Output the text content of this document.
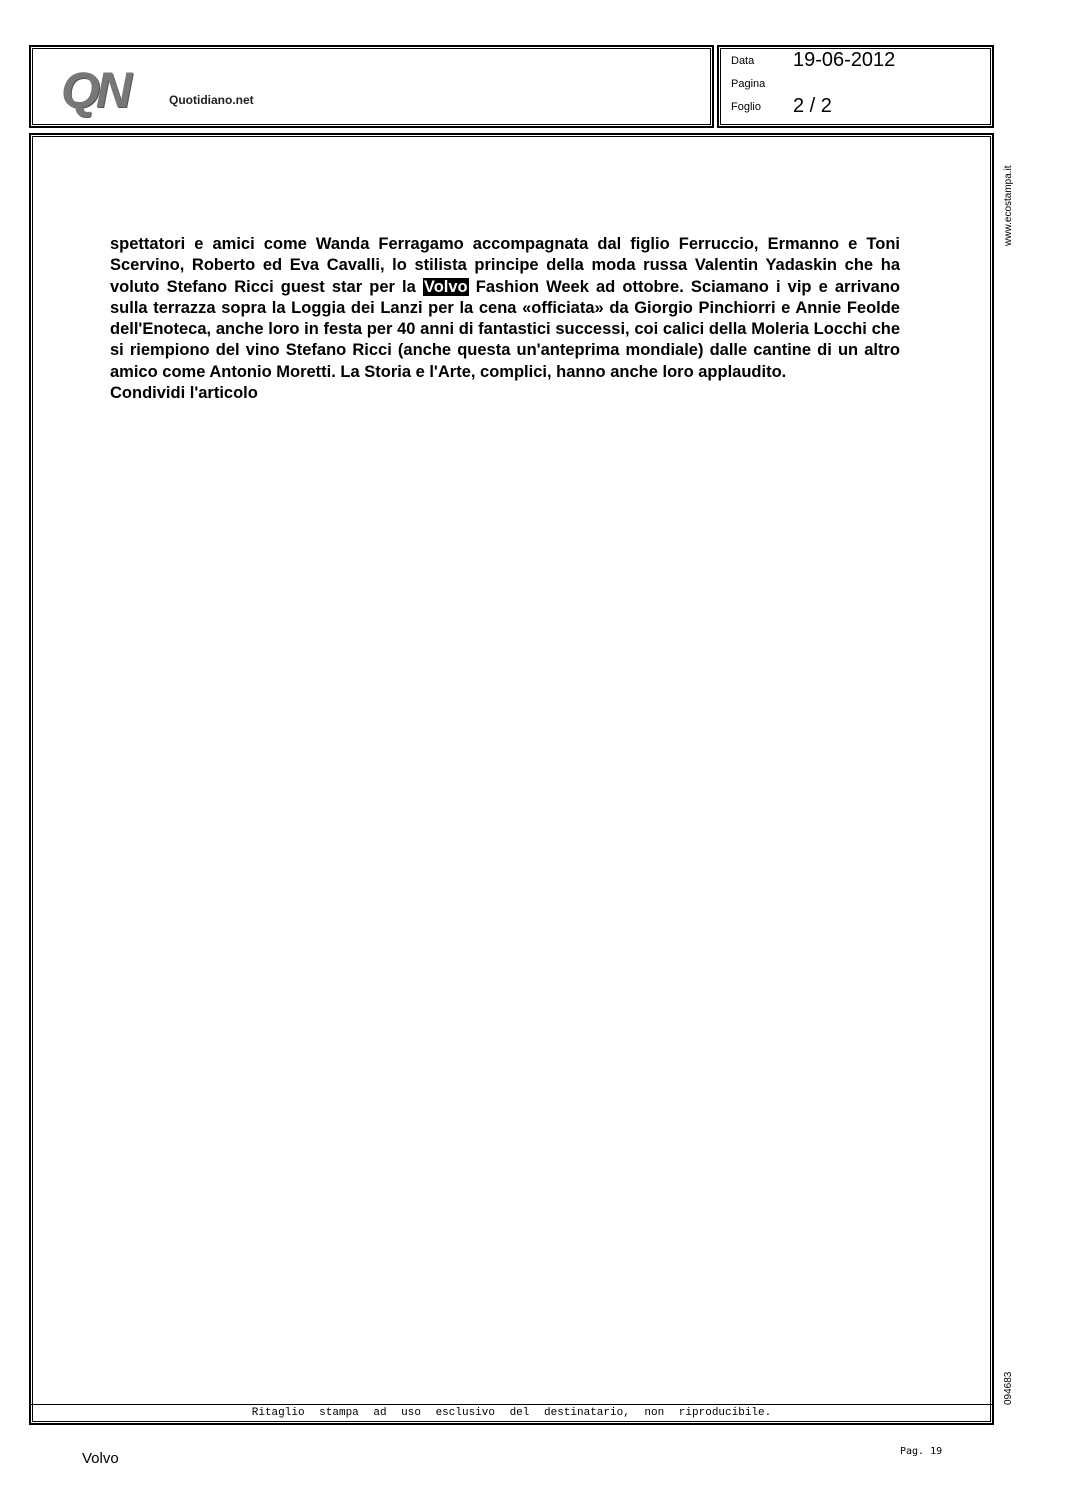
QN	Quotidiano.net
Data 19-06-2012
Pagina
Foglio 2 / 2

spettatori e amici come Wanda Ferragamo accompagnata dal figlio Ferruccio, Ermanno e Toni Scervino, Roberto ed Eva Cavalli, lo stilista principe della moda russa Valentin Yadaskin che ha voluto Stefano Ricci guest star per la Volvo Fashion Week ad ottobre. Sciamano i vip e arrivano sulla terrazza sopra la Loggia dei Lanzi per la cena «officiata» da Giorgio Pinchiorri e Annie Feolde dell'Enoteca, anche loro in festa per 40 anni di fantastici successi, coi calici della Moleria Locchi che si riempiono del vino Stefano Ricci (anche questa un'anteprima mondiale) dalle cantine di un altro amico come Antonio Moretti. La Storia e l'Arte, complici, hanno anche loro applaudito.

Condividi l'articolo

Ritaglio stampa ad uso esclusivo del destinatario, non riproducibile.
www.ecostampa.it
094683
Volvo	Pag. 19
